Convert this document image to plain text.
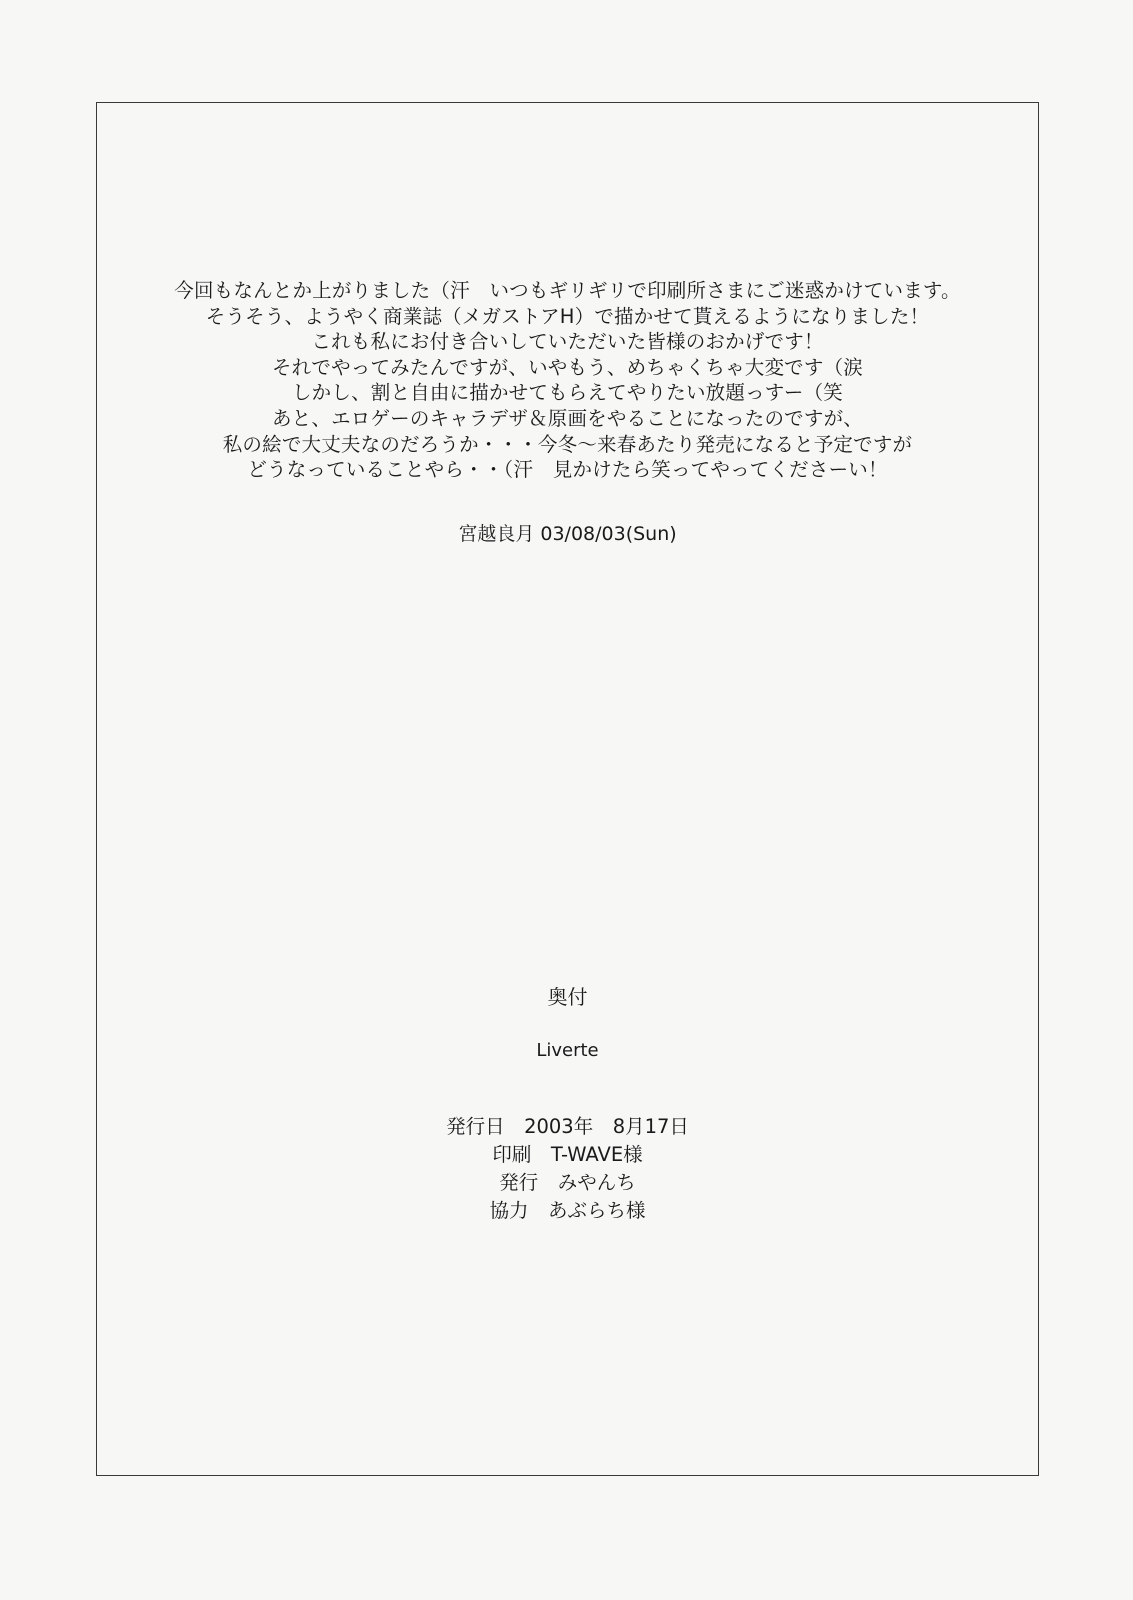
今回もなんとか上がりました（汗　いつもギリギリで印刷所さまにご迷惑かけています。
そうそう、ようやく商業誌（メガストアH）で描かせて貰えるようになりました！
これも私にお付き合いしていただいた皆様のおかげです！
それでやってみたんですが、いやもう、めちゃくちゃ大変です（涙
しかし、割と自由に描かせてもらえてやりたい放題っすー（笑
あと、エロゲーのキャラデザ＆原画をやることになったのですが、
私の絵で大丈夫なのだろうか・・・今冬～来春あたり発売になると予定ですが
どうなっていることやら・・（汗　見かけたら笑ってやってくださーい！
宮越良月 03/08/03(Sun)
奥付
Liverte
発行日　2003年　8月17日
印刷　T-WAVE様
発行　みやんち
協力　あぶらち様
